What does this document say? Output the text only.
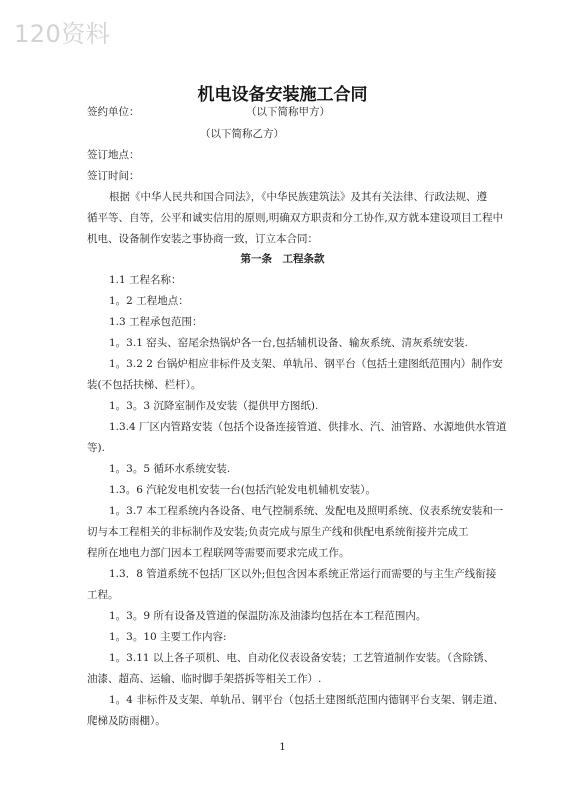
120资料
机电设备安装施工合同
签约单位：	（以下简称甲方）
（以下简称乙方）
签订地点：
签订时间：
根据《中华人民共和国合同法》，《中华民族建筑法》及其有关法律、行政法规、遵
循平等、自等，公平和诚实信用的原则,明确双方职责和分工协作,双方就本建设项目工程中
机电、设备制作安装之事协商一致，订立本合同：
第一条　工程条款
1.1 工程名称：
1。2 工程地点：
1.3 工程承包范围：
1。3.1 窑头、窑尾余热锅炉各一台,包括辅机设备、输灰系统、清灰系统安装.
1。3.2 2 台锅炉相应非标件及支架、单轨吊、钢平台（包括土建图纸范围内）制作安
装(不包括扶梯、栏杆）。
1。3。3 沉降室制作及安装（提供甲方图纸).
1.3.4 厂区内管路安装（包括个设备连接管道、供排水、汽、油管路、水源地供水管道
等).
1。3。5 循环水系统安装.
1.3。6 汽轮发电机安装一台(包括汽轮发电机辅机安装）。
1。3.7 本工程系统内各设备、电气控制系统、发配电及照明系统、仪表系统安装和一
切与本工程相关的非标制作及安装;负责完成与原生产线和供配电系统衔接并完成工
程所在地电力部门因本工程联网等需要而要求完成工作。
1.3．8 管道系统不包括厂区以外;但包含因本系统正常运行而需要的与主生产线衔接
工程。
1。3。9 所有设备及管道的保温防冻及油漆均包括在本工程范围内。
1。3。10 主要工作内容:
1。3.11 以上各子项机、电、自动化仪表设备安装；工艺管道制作安装。（含除锈、
油漆、超高、运输、临时脚手架搭拆等相关工作）.
1。4 非标件及支架、单轨吊、钢平台（包括土建图纸范围内德钢平台支架、钢走道、
爬梯及防雨棚）。
1
